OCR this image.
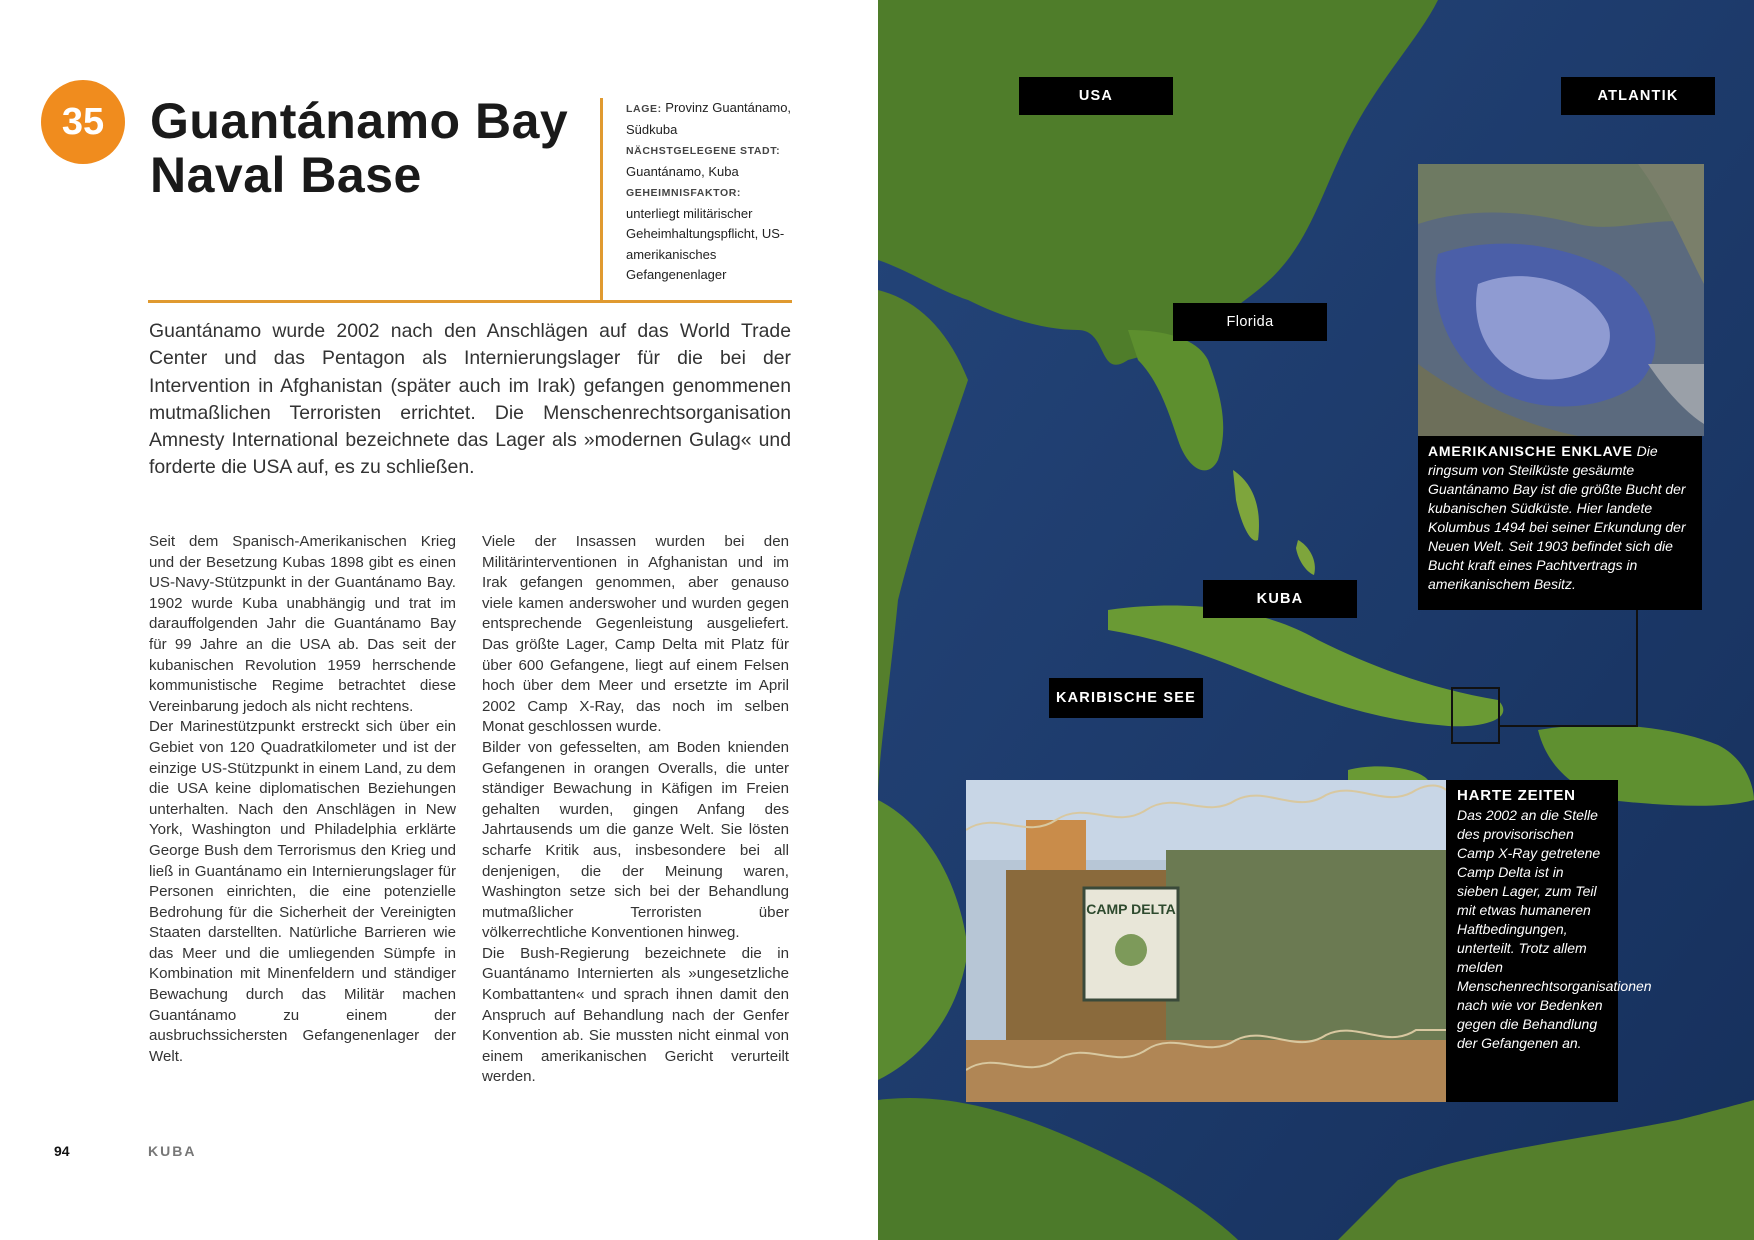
35 Guantánamo Bay
Naval Base
LAGE: Provinz Guantánamo, Südkuba
NÄCHSTGELEGENE STADT:
Guantánamo, Kuba
GEHEIMNISFAKTOR:
unterliegt militärischer Geheimhaltungspflicht, US-amerikanisches Gefangenenlager

Guantánamo wurde 2002 nach den Anschlägen auf das World Trade Center und das Pentagon als Internierungslager für die bei der Intervention in Afghanistan (später auch im Irak) gefangen genommenen mutmaßlichen Terroristen errichtet. Die Menschenrechtsorganisation Amnesty International bezeichnete das Lager als »modernen Gulag« und forderte die USA auf, es zu schließen.

Seit dem Spanisch-Amerikanischen Krieg und der Besetzung Kubas 1898 gibt es einen US-Navy-Stützpunkt in der Guantánamo Bay. 1902 wurde Kuba unabhängig und trat im darauffolgenden Jahr die Guantánamo Bay für 99 Jahre an die USA ab. Das seit der kubanischen Revolution 1959 herrschende kommunistische Regime betrachtet diese Vereinbarung jedoch als nicht rechtens.

Der Marinestützpunkt erstreckt sich über ein Gebiet von 120 Quadratkilometer und ist der einzige US-Stützpunkt in einem Land, zu dem die USA keine diplomatischen Beziehungen unterhalten. Nach den Anschlägen in New York, Washington und Philadelphia erklärte George Bush dem Terrorismus den Krieg und ließ in Guantánamo ein Internierungslager für Personen einrichten, die eine potenzielle Bedrohung für die Sicherheit der Vereinigten Staaten darstellten. Natürliche Barrieren wie das Meer und die umliegenden Sümpfe in Kombination mit Minenfeldern und ständiger Bewachung durch das Militär machen Guantánamo zu einem der ausbruchssichersten Gefangenenlager der Welt.

Viele der Insassen wurden bei den Militärinterventionen in Afghanistan und im Irak gefangen genommen, aber genauso viele kamen anderswoher und wurden gegen entsprechende Gegenleistung ausgeliefert. Das größte Lager, Camp Delta mit Platz für über 600 Gefangene, liegt auf einem Felsen hoch über dem Meer und ersetzte im April 2002 Camp X-Ray, das noch im selben Monat geschlossen wurde.

Bilder von gefesselten, am Boden knienden Gefangenen in orangen Overalls, die unter ständiger Bewachung in Käfigen im Freien gehalten wurden, gingen Anfang des Jahrtausends um die ganze Welt. Sie lösten scharfe Kritik aus, insbesondere bei all denjenigen, die der Meinung waren, Washington setze sich bei der Behandlung mutmaßlicher Terroristen über völkerrechtliche Konventionen hinweg.

Die Bush-Regierung bezeichnete die in Guantánamo Internierten als »ungesetzliche Kombattanten« und sprach ihnen damit den Anspruch auf Behandlung nach der Genfer Konvention ab. Sie mussten nicht einmal von einem amerikanischen Gericht verurteilt werden.

94	KUBA
USA	ATLANTIK
Florida
KUBA
KARIBISCHE SEE
AMERIKANISCHE ENKLAVE Die ringsum von Steilküste gesäumte Guantánamo Bay ist die größte Bucht der kubanischen Südküste. Hier landete Kolumbus 1494 bei seiner Erkundung der Neuen Welt. Seit 1903 befindet sich die Bucht kraft eines Pachtvertrags in amerikanischem Besitz.
CAMP DELTA
HARTE ZEITEN
Das 2002 an die Stelle des provisorischen Camp X-Ray getretene Camp Delta ist in sieben Lager, zum Teil mit etwas humaneren Haftbedingungen, unterteilt. Trotz allem melden Menschenrechtsorganisationen nach wie vor Bedenken gegen die Behandlung der Gefangenen an.
